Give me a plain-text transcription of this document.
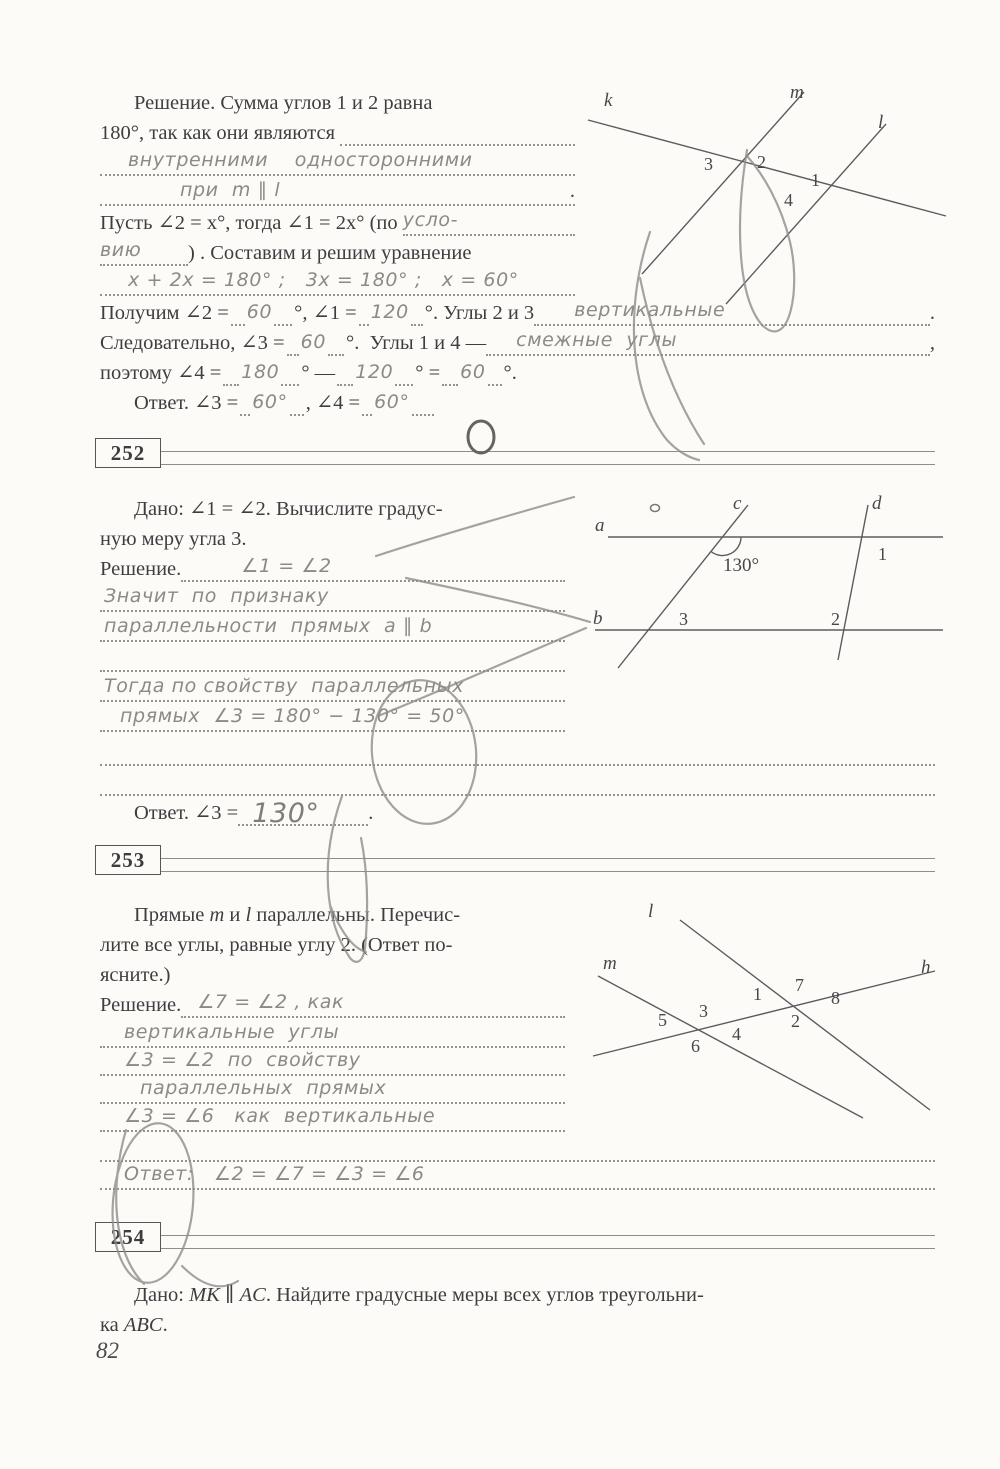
Решение. Сумма углов 1 и 2 равна
180°, так как они являются
внутренними    односторонними
при  m ∥ l	.
Пусть ∠2 = x°, тогда ∠1 = 2x° (по усло-
вию ) . Составим и решим уравнение
x + 2x = 180° ;   3x = 180° ;   x = 60°
Получим ∠2 = 60 °, ∠1 = 120 °. Углы 2 и 3 вертикальные	.
Следовательно, ∠3 = 60 °.  Углы 1 и 4 — смежные  углы	,
поэтому ∠4 = 180 ° — 120 ° = 60 °.
Ответ. ∠3 = 60° , ∠4 = 60°
k	m
l
3 2
1
4
252
Дано: ∠1 = ∠2. Вычислите градус-
ную меру угла 3.
Решение.	∠1 = ∠2
Значит  по  признаку
параллельности  прямых  a ∥ b
Тогда по свойству  параллельных
прямых  ∠3 = 180° − 130° = 50°
Ответ. ∠3 = 130° .
a
b
c	d
130°
1
3	2
253
Прямые m и l параллельны. Перечис-
лите все углы, равные углу 2. (Ответ по-
ясните.)
Решение. ∠7 = ∠2 , как
вертикальные  углы
∠3 = ∠2  по  свойству
параллельных  прямых
∠3 = ∠6   как  вертикальные
Ответ:   ∠2 = ∠7 = ∠3 = ∠6
l
m	h
7
1	8
2
3
5
4
6
254
Дано: MK ∥ AC . Найдите градусные меры всех углов треугольни-
ка ABC .
82
